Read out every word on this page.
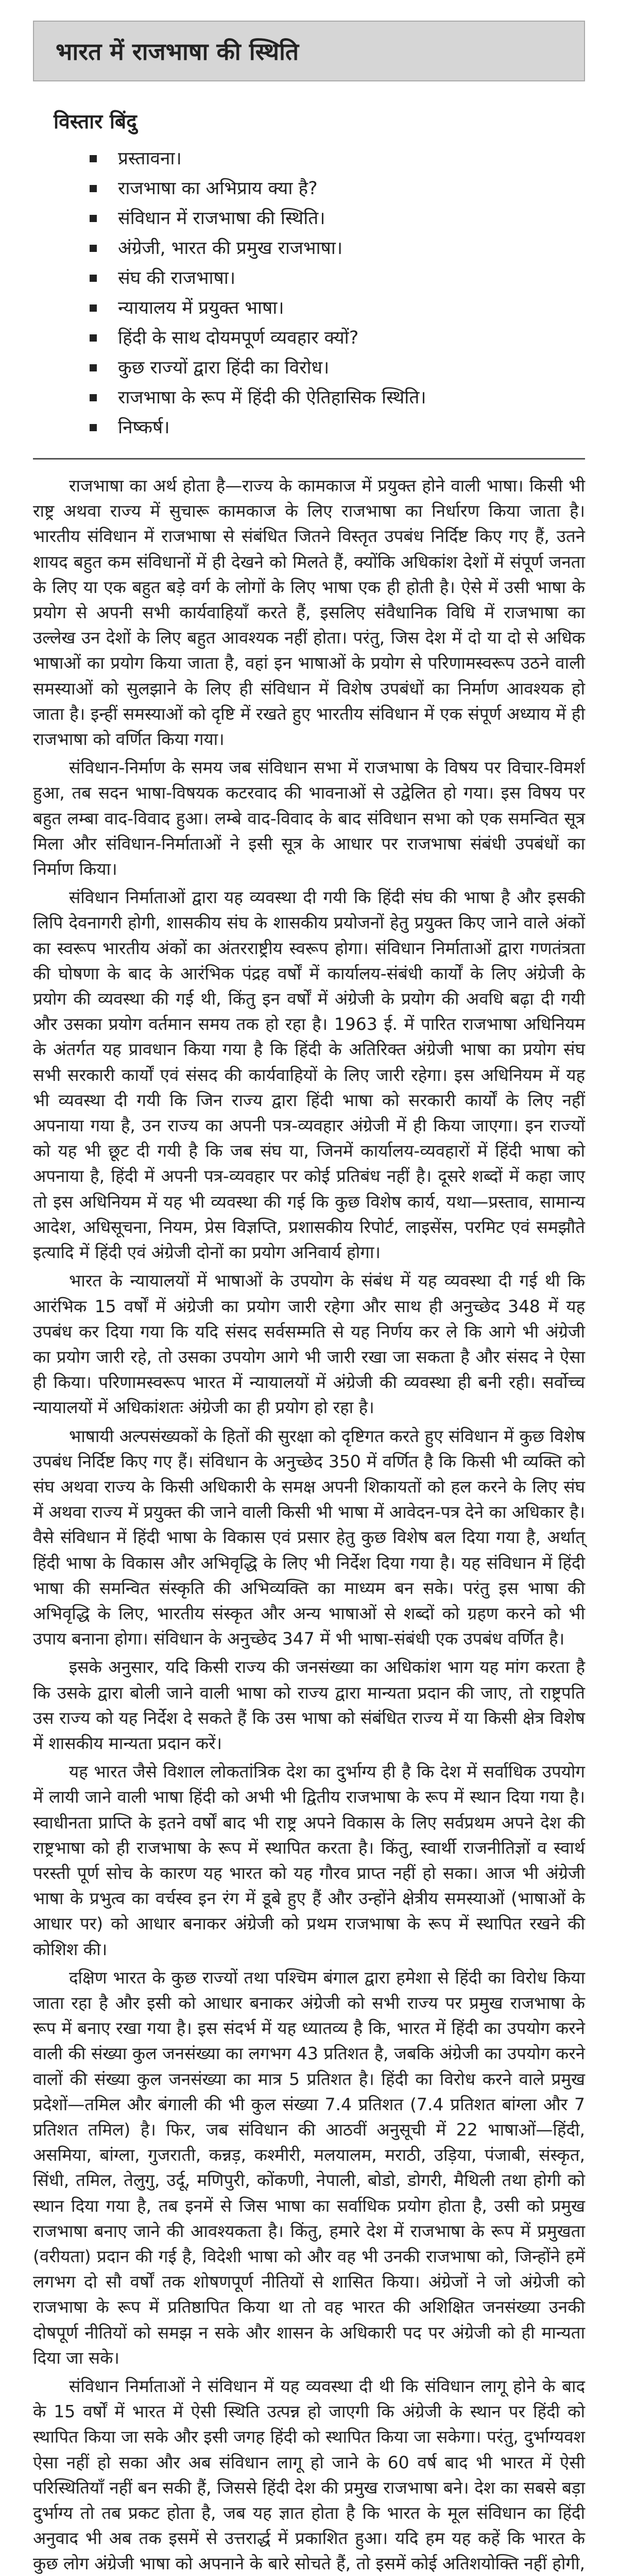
भारत में राजभाषा की स्थिति
विस्तार बिंदु
प्रस्तावना।
राजभाषा का अभिप्राय क्या है?
संविधान में राजभाषा की स्थिति।
अंग्रेजी, भारत की प्रमुख राजभाषा।
संघ की राजभाषा।
न्यायालय में प्रयुक्त भाषा।
हिंदी के साथ दोयमपूर्ण व्यवहार क्यों?
कुछ राज्यों द्वारा हिंदी का विरोध।
राजभाषा के रूप में हिंदी की ऐतिहासिक स्थिति।
निष्कर्ष।

राजभाषा का अर्थ होता है—राज्य के कामकाज में प्रयुक्त होने वाली भाषा। किसी भी राष्ट्र अथवा राज्य में सुचारू कामकाज के लिए राजभाषा का निर्धारण किया जाता है। भारतीय संविधान में राजभाषा से संबंधित जितने विस्तृत उपबंध निर्दिष्ट किए गए हैं, उतने शायद बहुत कम संविधानों में ही देखने को मिलते हैं, क्योंकि अधिकांश देशों में संपूर्ण जनता के लिए या एक बहुत बड़े वर्ग के लोगों के लिए भाषा एक ही होती है। ऐसे में उसी भाषा के प्रयोग से अपनी सभी कार्यवाहियाँ करते हैं, इसलिए संवैधानिक विधि में राजभाषा का उल्लेख उन देशों के लिए बहुत आवश्यक नहीं होता। परंतु, जिस देश में दो या दो से अधिक भाषाओं का प्रयोग किया जाता है, वहां इन भाषाओं के प्रयोग से परिणामस्वरूप उठने वाली समस्याओं को सुलझाने के लिए ही संविधान में विशेष उपबंधों का निर्माण आवश्यक हो जाता है। इन्हीं समस्याओं को दृष्टि में रखते हुए भारतीय संविधान में एक संपूर्ण अध्याय में ही राजभाषा को वर्णित किया गया।

संविधान-निर्माण के समय जब संविधान सभा में राजभाषा के विषय पर विचार-विमर्श हुआ, तब सदन भाषा-विषयक कटरवाद की भावनाओं से उद्वेलित हो गया। इस विषय पर बहुत लम्बा वाद-विवाद हुआ। लम्बे वाद-विवाद के बाद संविधान सभा को एक समन्वित सूत्र मिला और संविधान-निर्माताओं ने इसी सूत्र के आधार पर राजभाषा संबंधी उपबंधों का निर्माण किया।

संविधान निर्माताओं द्वारा यह व्यवस्था दी गयी कि हिंदी संघ की भाषा है और इसकी लिपि देवनागरी होगी, शासकीय संघ के शासकीय प्रयोजनों हेतु प्रयुक्त किए जाने वाले अंकों का स्वरूप भारतीय अंकों का अंतरराष्ट्रीय स्वरूप होगा। संविधान निर्माताओं द्वारा गणतंत्रता की घोषणा के बाद के आरंभिक पंद्रह वर्षों में कार्यालय-संबंधी कार्यों के लिए अंग्रेजी के प्रयोग की व्यवस्था की गई थी, किंतु इन वर्षों में अंग्रेजी के प्रयोग की अवधि बढ़ा दी गयी और उसका प्रयोग वर्तमान समय तक हो रहा है। 1963 ई. में पारित राजभाषा अधिनियम के अंतर्गत यह प्रावधान किया गया है कि हिंदी के अतिरिक्त अंग्रेजी भाषा का प्रयोग संघ सभी सरकारी कार्यों एवं संसद की कार्यवाहियों के लिए जारी रहेगा। इस अधिनियम में यह भी व्यवस्था दी गयी कि जिन राज्य द्वारा हिंदी भाषा को सरकारी कार्यों के लिए नहीं अपनाया गया है, उन राज्य का अपनी पत्र-व्यवहार अंग्रेजी में ही किया जाएगा। इन राज्यों को यह भी छूट दी गयी है कि जब संघ या, जिनमें कार्यालय-व्यवहारों में हिंदी भाषा को अपनाया है, हिंदी में अपनी पत्र-व्यवहार पर कोई प्रतिबंध नहीं है। दूसरे शब्दों में कहा जाए तो इस अधिनियम में यह भी व्यवस्था की गई कि कुछ विशेष कार्य, यथा—प्रस्ताव, सामान्य आदेश, अधिसूचना, नियम, प्रेस विज्ञप्ति, प्रशासकीय रिपोर्ट, लाइसेंस, परमिट एवं समझौते इत्यादि में हिंदी एवं अंग्रेजी दोनों का प्रयोग अनिवार्य होगा।

भारत के न्यायालयों में भाषाओं के उपयोग के संबंध में यह व्यवस्था दी गई थी कि आरंभिक 15 वर्षों में अंग्रेजी का प्रयोग जारी रहेगा और साथ ही अनुच्छेद 348 में यह उपबंध कर दिया गया कि यदि संसद सर्वसम्मति से यह निर्णय कर ले कि आगे भी अंग्रेजी का प्रयोग जारी रहे, तो उसका उपयोग आगे भी जारी रखा जा सकता है और संसद ने ऐसा ही किया। परिणामस्वरूप भारत में न्यायालयों में अंग्रेजी की व्यवस्था ही बनी रही। सर्वोच्च न्यायालयों में अधिकांशतः अंग्रेजी का ही प्रयोग हो रहा है।

भाषायी अल्पसंख्यकों के हितों की सुरक्षा को दृष्टिगत करते हुए संविधान में कुछ विशेष उपबंध निर्दिष्ट किए गए हैं। संविधान के अनुच्छेद 350 में वर्णित है कि किसी भी व्यक्ति को संघ अथवा राज्य के किसी अधिकारी के समक्ष अपनी शिकायतों को हल करने के लिए संघ में अथवा राज्य में प्रयुक्त की जाने वाली किसी भी भाषा में आवेदन-पत्र देने का अधिकार है। वैसे संविधान में हिंदी भाषा के विकास एवं प्रसार हेतु कुछ विशेष बल दिया गया है, अर्थात् हिंदी भाषा के विकास और अभिवृद्धि के लिए भी निर्देश दिया गया है। यह संविधान में हिंदी भाषा की समन्वित संस्कृति की अभिव्यक्ति का माध्यम बन सके। परंतु इस भाषा की अभिवृद्धि के लिए, भारतीय संस्कृत और अन्य भाषाओं से शब्दों को ग्रहण करने को भी उपाय बनाना होगा। संविधान के अनुच्छेद 347 में भी भाषा-संबंधी एक उपबंध वर्णित है।

इसके अनुसार, यदि किसी राज्य की जनसंख्या का अधिकांश भाग यह मांग करता है कि उसके द्वारा बोली जाने वाली भाषा को राज्य द्वारा मान्यता प्रदान की जाए, तो राष्ट्रपति उस राज्य को यह निर्देश दे सकते हैं कि उस भाषा को संबंधित राज्य में या किसी क्षेत्र विशेष में शासकीय मान्यता प्रदान करें।

यह भारत जैसे विशाल लोकतांत्रिक देश का दुर्भाग्य ही है कि देश में सर्वाधिक उपयोग में लायी जाने वाली भाषा हिंदी को अभी भी द्वितीय राजभाषा के रूप में स्थान दिया गया है। स्वाधीनता प्राप्ति के इतने वर्षों बाद भी राष्ट्र अपने विकास के लिए सर्वप्रथम अपने देश की राष्ट्रभाषा को ही राजभाषा के रूप में स्थापित करता है। किंतु, स्वार्थी राजनीतिज्ञों व स्वार्थ परस्ती पूर्ण सोच के कारण यह भारत को यह गौरव प्राप्त नहीं हो सका। आज भी अंग्रेजी भाषा के प्रभुत्व का वर्चस्व इन रंग में डूबे हुए हैं और उन्होंने क्षेत्रीय समस्याओं (भाषाओं के आधार पर) को आधार बनाकर अंग्रेजी को प्रथम राजभाषा के रूप में स्थापित रखने की कोशिश की।

दक्षिण भारत के कुछ राज्यों तथा पश्चिम बंगाल द्वारा हमेशा से हिंदी का विरोध किया जाता रहा है और इसी को आधार बनाकर अंग्रेजी को सभी राज्य पर प्रमुख राजभाषा के रूप में बनाए रखा गया है। इस संदर्भ में यह ध्यातव्य है कि, भारत में हिंदी का उपयोग करने वाली की संख्या कुल जनसंख्या का लगभग 43 प्रतिशत है, जबकि अंग्रेजी का उपयोग करने वालों की संख्या कुल जनसंख्या का मात्र 5 प्रतिशत है। हिंदी का विरोध करने वाले प्रमुख प्रदेशों—तमिल और बंगाली की भी कुल संख्या 7.4 प्रतिशत (7.4 प्रतिशत बांग्ला और 7 प्रतिशत तमिल) है। फिर, जब संविधान की आठवीं अनुसूची में 22 भाषाओं—हिंदी, असमिया, बांग्ला, गुजराती, कन्नड़, कश्मीरी, मलयालम, मराठी, उड़िया, पंजाबी, संस्कृत, सिंधी, तमिल, तेलुगु, उर्दू, मणिपुरी, कोंकणी, नेपाली, बोडो, डोगरी, मैथिली तथा होगी को स्थान दिया गया है, तब इनमें से जिस भाषा का सर्वाधिक प्रयोग होता है, उसी को प्रमुख राजभाषा बनाए जाने की आवश्यकता है। किंतु, हमारे देश में राजभाषा के रूप में प्रमुखता (वरीयता) प्रदान की गई है, विदेशी भाषा को और वह भी उनकी राजभाषा को, जिन्होंने हमें लगभग दो सौ वर्षों तक शोषणपूर्ण नीतियों से शासित किया। अंग्रेजों ने जो अंग्रेजी को राजभाषा के रूप में प्रतिष्ठापित किया था तो वह भारत की अशिक्षित जनसंख्या उनकी दोषपूर्ण नीतियों को समझ न सके और शासन के अधिकारी पद पर अंग्रेजी को ही मान्यता दिया जा सके।

संविधान निर्माताओं ने संविधान में यह व्यवस्था दी थी कि संविधान लागू होने के बाद के 15 वर्षों में भारत में ऐसी स्थिति उत्पन्न हो जाएगी कि अंग्रेजी के स्थान पर हिंदी को स्थापित किया जा सके और इसी जगह हिंदी को स्थापित किया जा सकेगा। परंतु, दुर्भाग्यवश ऐसा नहीं हो सका और अब संविधान लागू हो जाने के 60 वर्ष बाद भी भारत में ऐसी परिस्थितियाँ नहीं बन सकी हैं, जिससे हिंदी देश की प्रमुख राजभाषा बने। देश का सबसे बड़ा दुर्भाग्य तो तब प्रकट होता है, जब यह ज्ञात होता है कि भारत के मूल संविधान का हिंदी अनुवाद भी अब तक इसमें से उत्तरार्द्ध में प्रकाशित हुआ। यदि हम यह कहें कि भारत के कुछ लोग अंग्रेजी भाषा को अपनाने के बारे सोचते हैं, तो इसमें कोई अतिशयोक्ति नहीं होगी,
